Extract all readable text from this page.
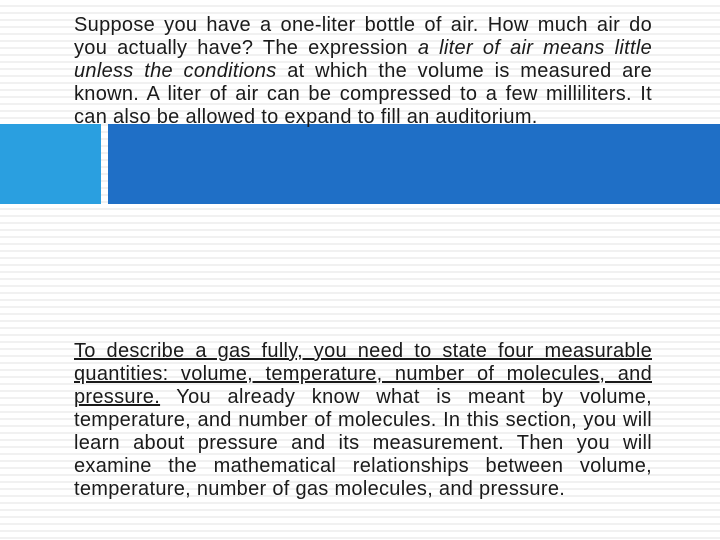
Suppose you have a one-liter bottle of air. How much air do you actually have? The expression a liter of air means little unless the conditions at which the volume is measured are known. A liter of air can be compressed to a few milliliters. It can also be allowed to expand to fill an auditorium.

To describe a gas fully, you need to state four measurable quantities: volume, temperature, number of molecules, and pressure. You already know what is meant by volume, temperature, and number of molecules. In this section, you will learn about pressure and its measurement. Then you will examine the mathematical relationships between volume, temperature, number of gas molecules, and pressure.
